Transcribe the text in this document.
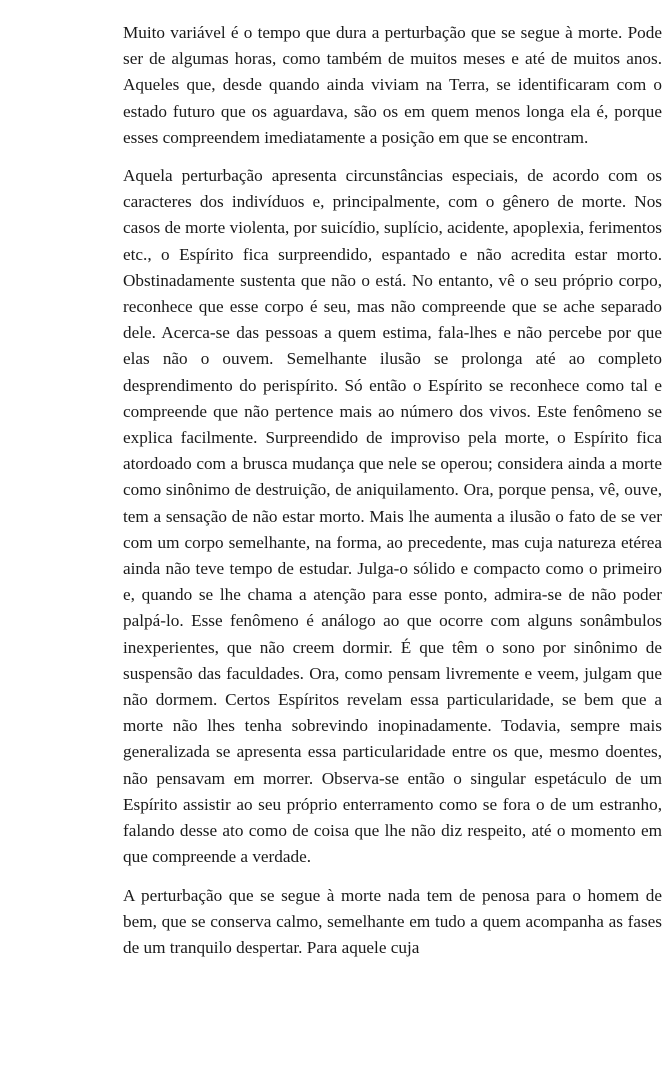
Muito variável é o tempo que dura a perturbação que se segue à morte. Pode ser de algumas horas, como também de muitos meses e até de muitos anos. Aqueles que, desde quando ainda viviam na Terra, se identificaram com o estado futuro que os aguardava, são os em quem menos longa ela é, porque esses compreendem imediatamente a posição em que se encontram.

Aquela perturbação apresenta circunstâncias especiais, de acordo com os caracteres dos indivíduos e, principalmente, com o gênero de morte. Nos casos de morte violenta, por suicídio, suplício, acidente, apoplexia, ferimentos etc., o Espírito fica surpreendido, espantado e não acredita estar morto. Obstinadamente sustenta que não o está. No entanto, vê o seu próprio corpo, reconhece que esse corpo é seu, mas não compreende que se ache separado dele. Acerca-se das pessoas a quem estima, fala-lhes e não percebe por que elas não o ouvem. Semelhante ilusão se prolonga até ao completo desprendimento do perispírito. Só então o Espírito se reconhece como tal e compreende que não pertence mais ao número dos vivos. Este fenômeno se explica facilmente. Surpreendido de improviso pela morte, o Espírito fica atordoado com a brusca mudança que nele se operou; considera ainda a morte como sinônimo de destruição, de aniquilamento. Ora, porque pensa, vê, ouve, tem a sensação de não estar morto. Mais lhe aumenta a ilusão o fato de se ver com um corpo semelhante, na forma, ao precedente, mas cuja natureza etérea ainda não teve tempo de estudar. Julga-o sólido e compacto como o primeiro e, quando se lhe chama a atenção para esse ponto, admira-se de não poder palpá-lo. Esse fenômeno é análogo ao que ocorre com alguns sonâmbulos inexperientes, que não creem dormir. É que têm o sono por sinônimo de suspensão das faculdades. Ora, como pensam livremente e veem, julgam que não dormem. Certos Espíritos revelam essa particularidade, se bem que a morte não lhes tenha sobrevindo inopinadamente. Todavia, sempre mais generalizada se apresenta essa particularidade entre os que, mesmo doentes, não pensavam em morrer. Observa-se então o singular espetáculo de um Espírito assistir ao seu próprio enterramento como se fora o de um estranho, falando desse ato como de coisa que lhe não diz respeito, até o momento em que compreende a verdade.

A perturbação que se segue à morte nada tem de penosa para o homem de bem, que se conserva calmo, semelhante em tudo a quem acompanha as fases de um tranquilo despertar. Para aquele cuja
